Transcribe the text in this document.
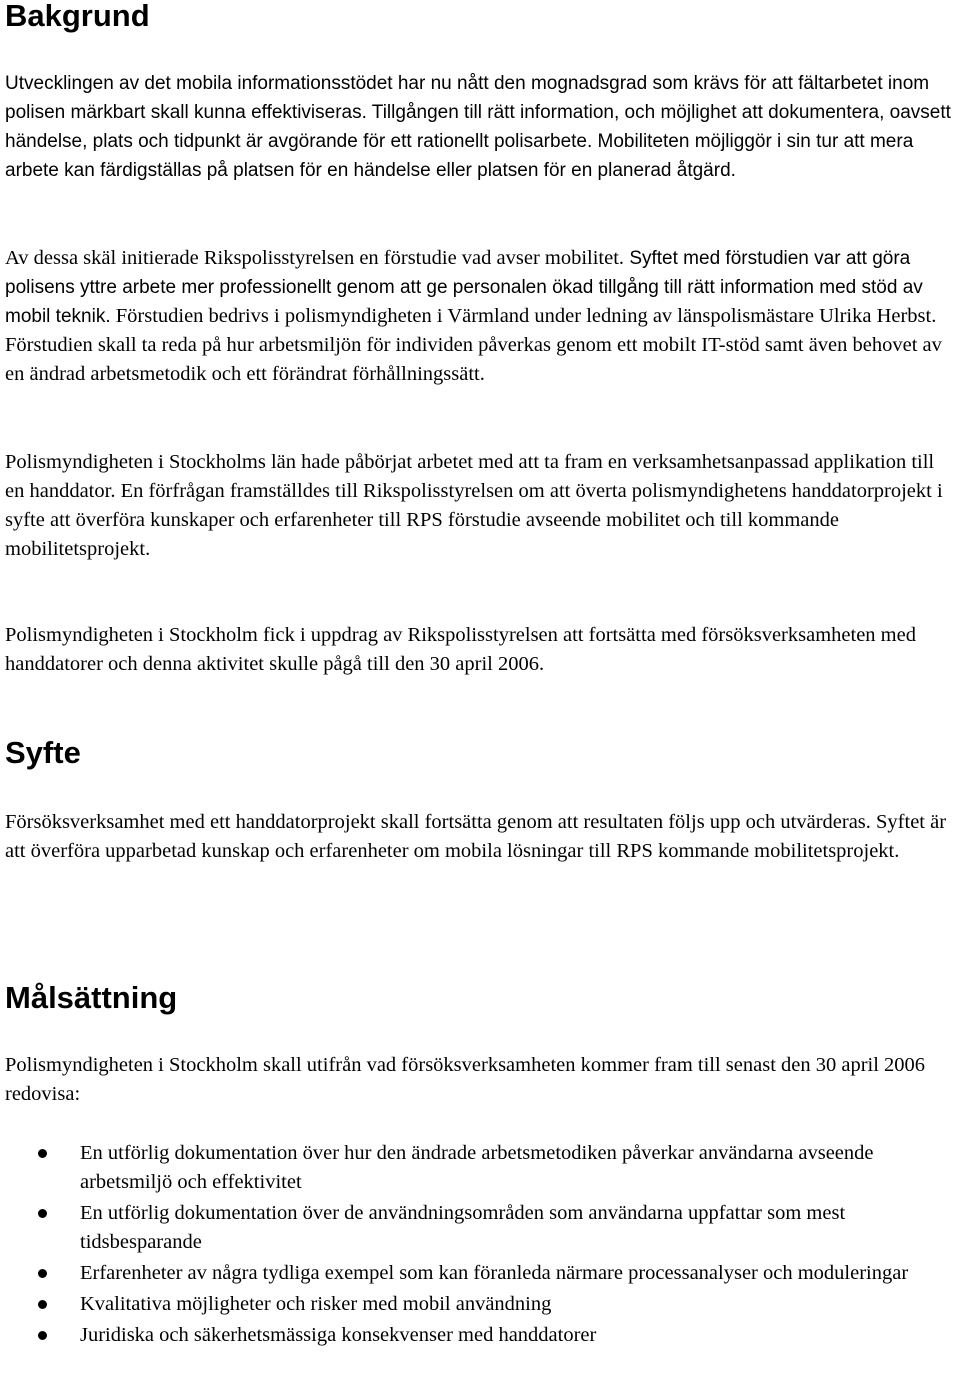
Bakgrund

Utvecklingen av det mobila informationsstödet har nu nått den mognadsgrad som krävs för att fältarbetet inom polisen märkbart skall kunna effektiviseras. Tillgången till rätt information, och möjlighet att dokumentera, oavsett händelse, plats och tidpunkt är avgörande för ett rationellt polisarbete. Mobiliteten möjliggör i sin tur att mera arbete kan färdigställas på platsen för en händelse eller platsen för en planerad åtgärd.

Av dessa skäl initierade Rikspolisstyrelsen en förstudie vad avser mobilitet. Syftet med förstudien var att göra polisens yttre arbete mer professionellt genom att ge personalen ökad tillgång till rätt information med stöd av mobil teknik. Förstudien bedrivs i polismyndigheten i Värmland under ledning av länspolismästare Ulrika Herbst. Förstudien skall ta reda på hur arbetsmiljön för individen påverkas genom ett mobilt IT-stöd samt även behovet av en ändrad arbetsmetodik och ett förändrat förhållningssätt.

Polismyndigheten i Stockholms län hade påbörjat arbetet med att ta fram en verksamhetsanpassad applikation till en handdator. En förfrågan framställdes till Rikspolisstyrelsen om att överta polismyndighetens handdatorprojekt i syfte att överföra kunskaper och erfarenheter till RPS förstudie avseende mobilitet och till kommande mobilitetsprojekt.

Polismyndigheten i Stockholm fick i uppdrag av Rikspolisstyrelsen att fortsätta med försöksverksamheten med handdatorer och denna aktivitet skulle pågå till den 30 april 2006.

Syfte

Försöksverksamhet med ett handdatorprojekt skall fortsätta genom att resultaten följs upp och utvärderas. Syftet är att överföra upparbetad kunskap och erfarenheter om mobila lösningar till RPS kommande mobilitetsprojekt.

Målsättning

Polismyndigheten i Stockholm skall utifrån vad försöksverksamheten kommer fram till senast den 30 april 2006 redovisa:

En utförlig dokumentation över hur den ändrade arbetsmetodiken påverkar användarna avseende arbetsmiljö och effektivitet
En utförlig dokumentation över de användningsområden som användarna uppfattar som mest tidsbesparande
Erfarenheter av några tydliga exempel som kan föranleda närmare processanalyser och moduleringar
Kvalitativa möjligheter och risker med mobil användning
Juridiska och säkerhetsmässiga konsekvenser med handdatorer
